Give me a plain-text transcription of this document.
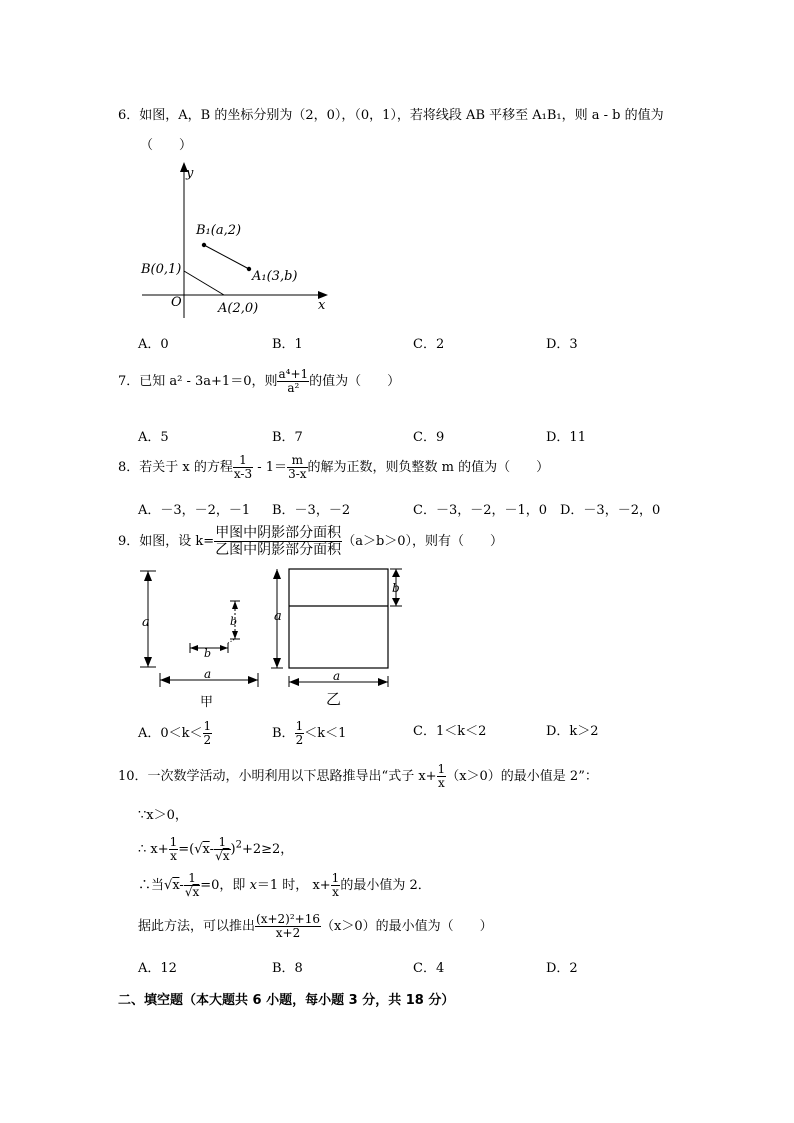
6．如图，A，B 的坐标分别为（2，0），（0，1），若将线段 AB 平移至 A₁B₁，则 a - b 的值为
（　　）
y
x
O
B(0,1)
A(2,0)
B₁(a,2)
A₁(3,b)
A．0	B．1	C．2	D．3
7．已知 a² - 3a+1＝0，则 $\frac{\text{a⁴+1}}{\text{a²}}$ 的值为（　　）
A．5	B．7	C．9	D．11
8．若关于 x 的方程 $\frac{1}{x-3} - 1= \frac{m}{3-x}$ 的解为正数，则负整数 m 的值为（　　）
A．－3，－2，－1 B．－3，－2	C．－3，－2，－1，0 D．－3，－2，0
9．如图，设 $k= \frac{\text{甲图中阴影部分面积}}{\text{乙图中阴影部分面积}} (a>b>0)$，则有（　　）
a
a
b
b	a
b
a
甲	乙
A．$0<k< \frac{1}{2}$	B． $\frac{1}{2} <k<1$	C．1＜k＜2	D．k＞2
10．一次数学活动，小明利用以下思路推导出“式子 $x+ \frac{1}{x} (x>0)$的最小值是 2”：
∵x＞0，
∴ $x+ \frac{1}{x} =(√x- \frac{1}{√x} )^2+2\ge 2$，
∴当$√x- \frac{1}{√x} =0$，即 x＝1 时， $x+ \frac{1}{x}$ 的最小值为 2．
据此方法，可以推出 $\frac{\text{(x+2)²+16}}{x+2} (x>0)$的最小值为（　　）
A．12	B．8	C．4	D．2
二、填空题（本大题共 6 小题，每小题 3 分，共 18 分）
